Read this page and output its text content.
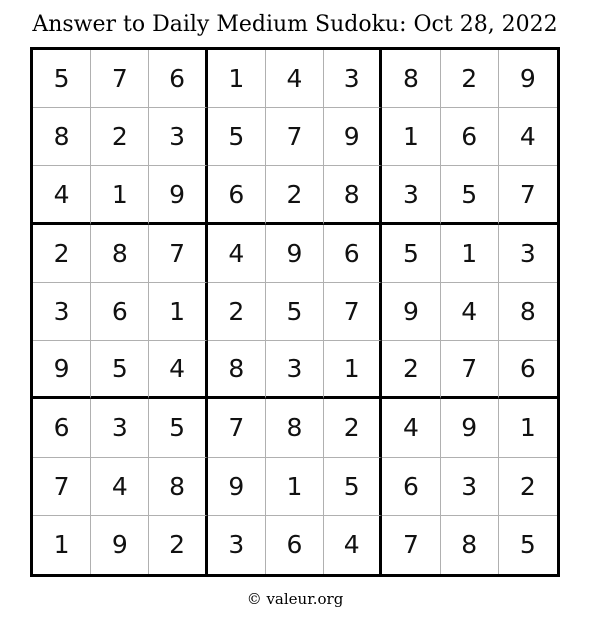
Answer to Daily Medium Sudoku: Oct 28, 2022
5	7	6	1	4	3	8	2	9
8	2	3	5	7	9	1	6	4
4	1	9	6	2	8	3	5	7
2	8	7	4	9	6	5	1	3
3	6	1	2	5	7	9	4	8
9	5	4	8	3	1	2	7	6
6	3	5	7	8	2	4	9	1
7	4	8	9	1	5	6	3	2
1	9	2	3	6	4	7	8	5
© valeur.org
